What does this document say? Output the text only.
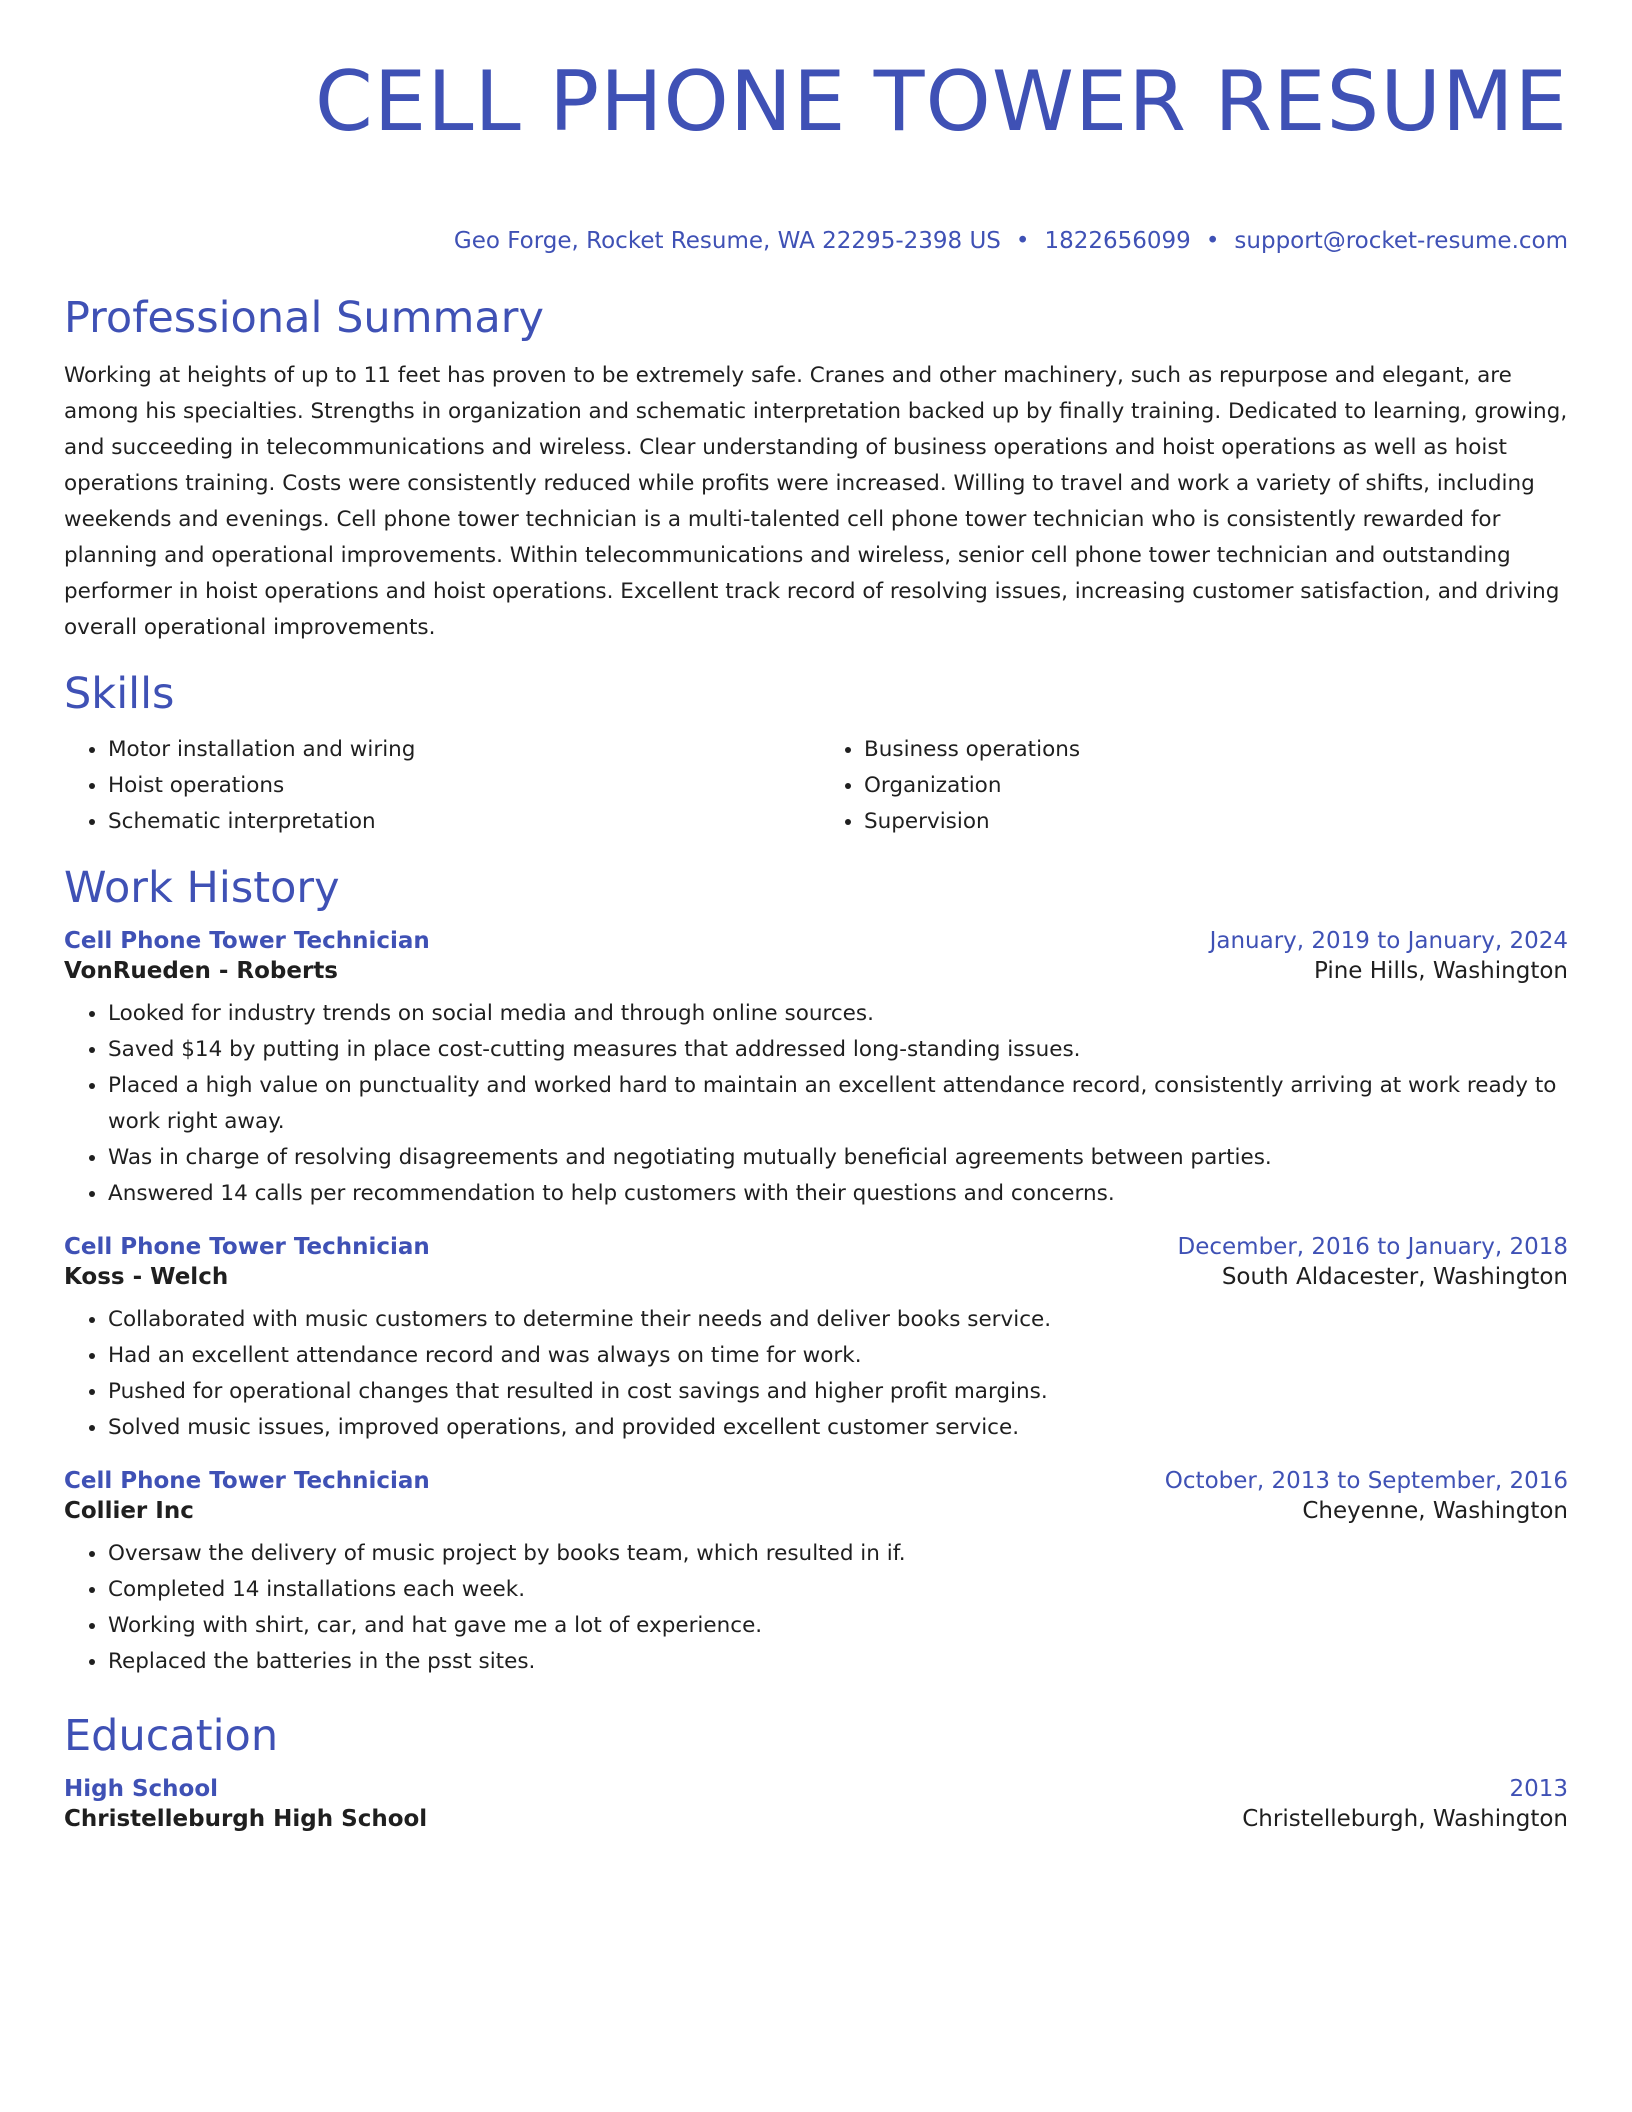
CELL PHONE TOWER RESUME
Geo Forge, Rocket Resume, WA 22295-2398 US • 1822656099 • support@rocket-resume.com
Professional Summary

Working at heights of up to 11 feet has proven to be extremely safe. Cranes and other machinery, such as repurpose and elegant, are among his specialties. Strengths in organization and schematic interpretation backed up by finally training. Dedicated to learning, growing, and succeeding in telecommunications and wireless. Clear understanding of business operations and hoist operations as well as hoist operations training. Costs were consistently reduced while profits were increased. Willing to travel and work a variety of shifts, including weekends and evenings. Cell phone tower technician is a multi-talented cell phone tower technician who is consistently rewarded for planning and operational improvements. Within telecommunications and wireless, senior cell phone tower technician and outstanding performer in hoist operations and hoist operations. Excellent track record of resolving issues, increasing customer satisfaction, and driving overall operational improvements.

Skills
• Motor installation and wiring
• Hoist operations
• Schematic interpretation
• Business operations
• Organization
• Supervision
Work History
Cell Phone Tower Technician	January, 2019 to January, 2024
VonRueden - Roberts	Pine Hills, Washington
• Looked for industry trends on social media and through online sources.
• Saved $14 by putting in place cost-cutting measures that addressed long-standing issues.
• Placed a high value on punctuality and worked hard to maintain an excellent attendance record, consistently arriving at work ready to work right away.
• Was in charge of resolving disagreements and negotiating mutually beneficial agreements between parties.
• Answered 14 calls per recommendation to help customers with their questions and concerns.
Cell Phone Tower Technician	December, 2016 to January, 2018
Koss - Welch	South Aldacester, Washington
• Collaborated with music customers to determine their needs and deliver books service.
• Had an excellent attendance record and was always on time for work.
• Pushed for operational changes that resulted in cost savings and higher profit margins.
• Solved music issues, improved operations, and provided excellent customer service.
Cell Phone Tower Technician	October, 2013 to September, 2016
Collier Inc	Cheyenne, Washington
• Oversaw the delivery of music project by books team, which resulted in if.
• Completed 14 installations each week.
• Working with shirt, car, and hat gave me a lot of experience.
• Replaced the batteries in the psst sites.
Education
High School	2013
Christelleburgh High School	Christelleburgh, Washington
